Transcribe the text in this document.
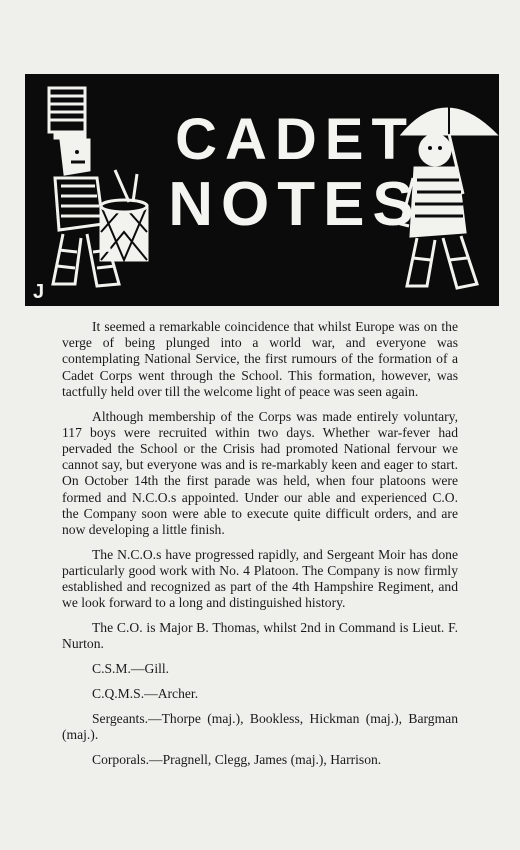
J
CADET
NOTES

It seemed a remarkable coincidence that whilst Europe was on the verge of being plunged into a world war, and everyone was contemplating National Service, the first rumours of the formation of a Cadet Corps went through the School. This formation, however, was tactfully held over till the welcome light of peace was seen again.

Although membership of the Corps was made entirely voluntary, 117 boys were recruited within two days. Whether war-fever had pervaded the School or the Crisis had promoted National fervour we cannot say, but everyone was and is re-markably keen and eager to start. On October 14th the first parade was held, when four platoons were formed and N.C.O.s appointed. Under our able and experienced C.O. the Company soon were able to execute quite difficult orders, and are now developing a little finish.

The N.C.O.s have progressed rapidly, and Sergeant Moir has done particularly good work with No. 4 Platoon. The Company is now firmly established and recognized as part of the 4th Hampshire Regiment, and we look forward to a long and distinguished history.

The C.O. is Major B. Thomas, whilst 2nd in Command is Lieut. F. Nurton.

C.S.M.—Gill.

C.Q.M.S.—Archer.

Sergeants.—Thorpe (maj.), Bookless, Hickman (maj.), Bargman (maj.).

Corporals.—Pragnell, Clegg, James (maj.), Harrison.
